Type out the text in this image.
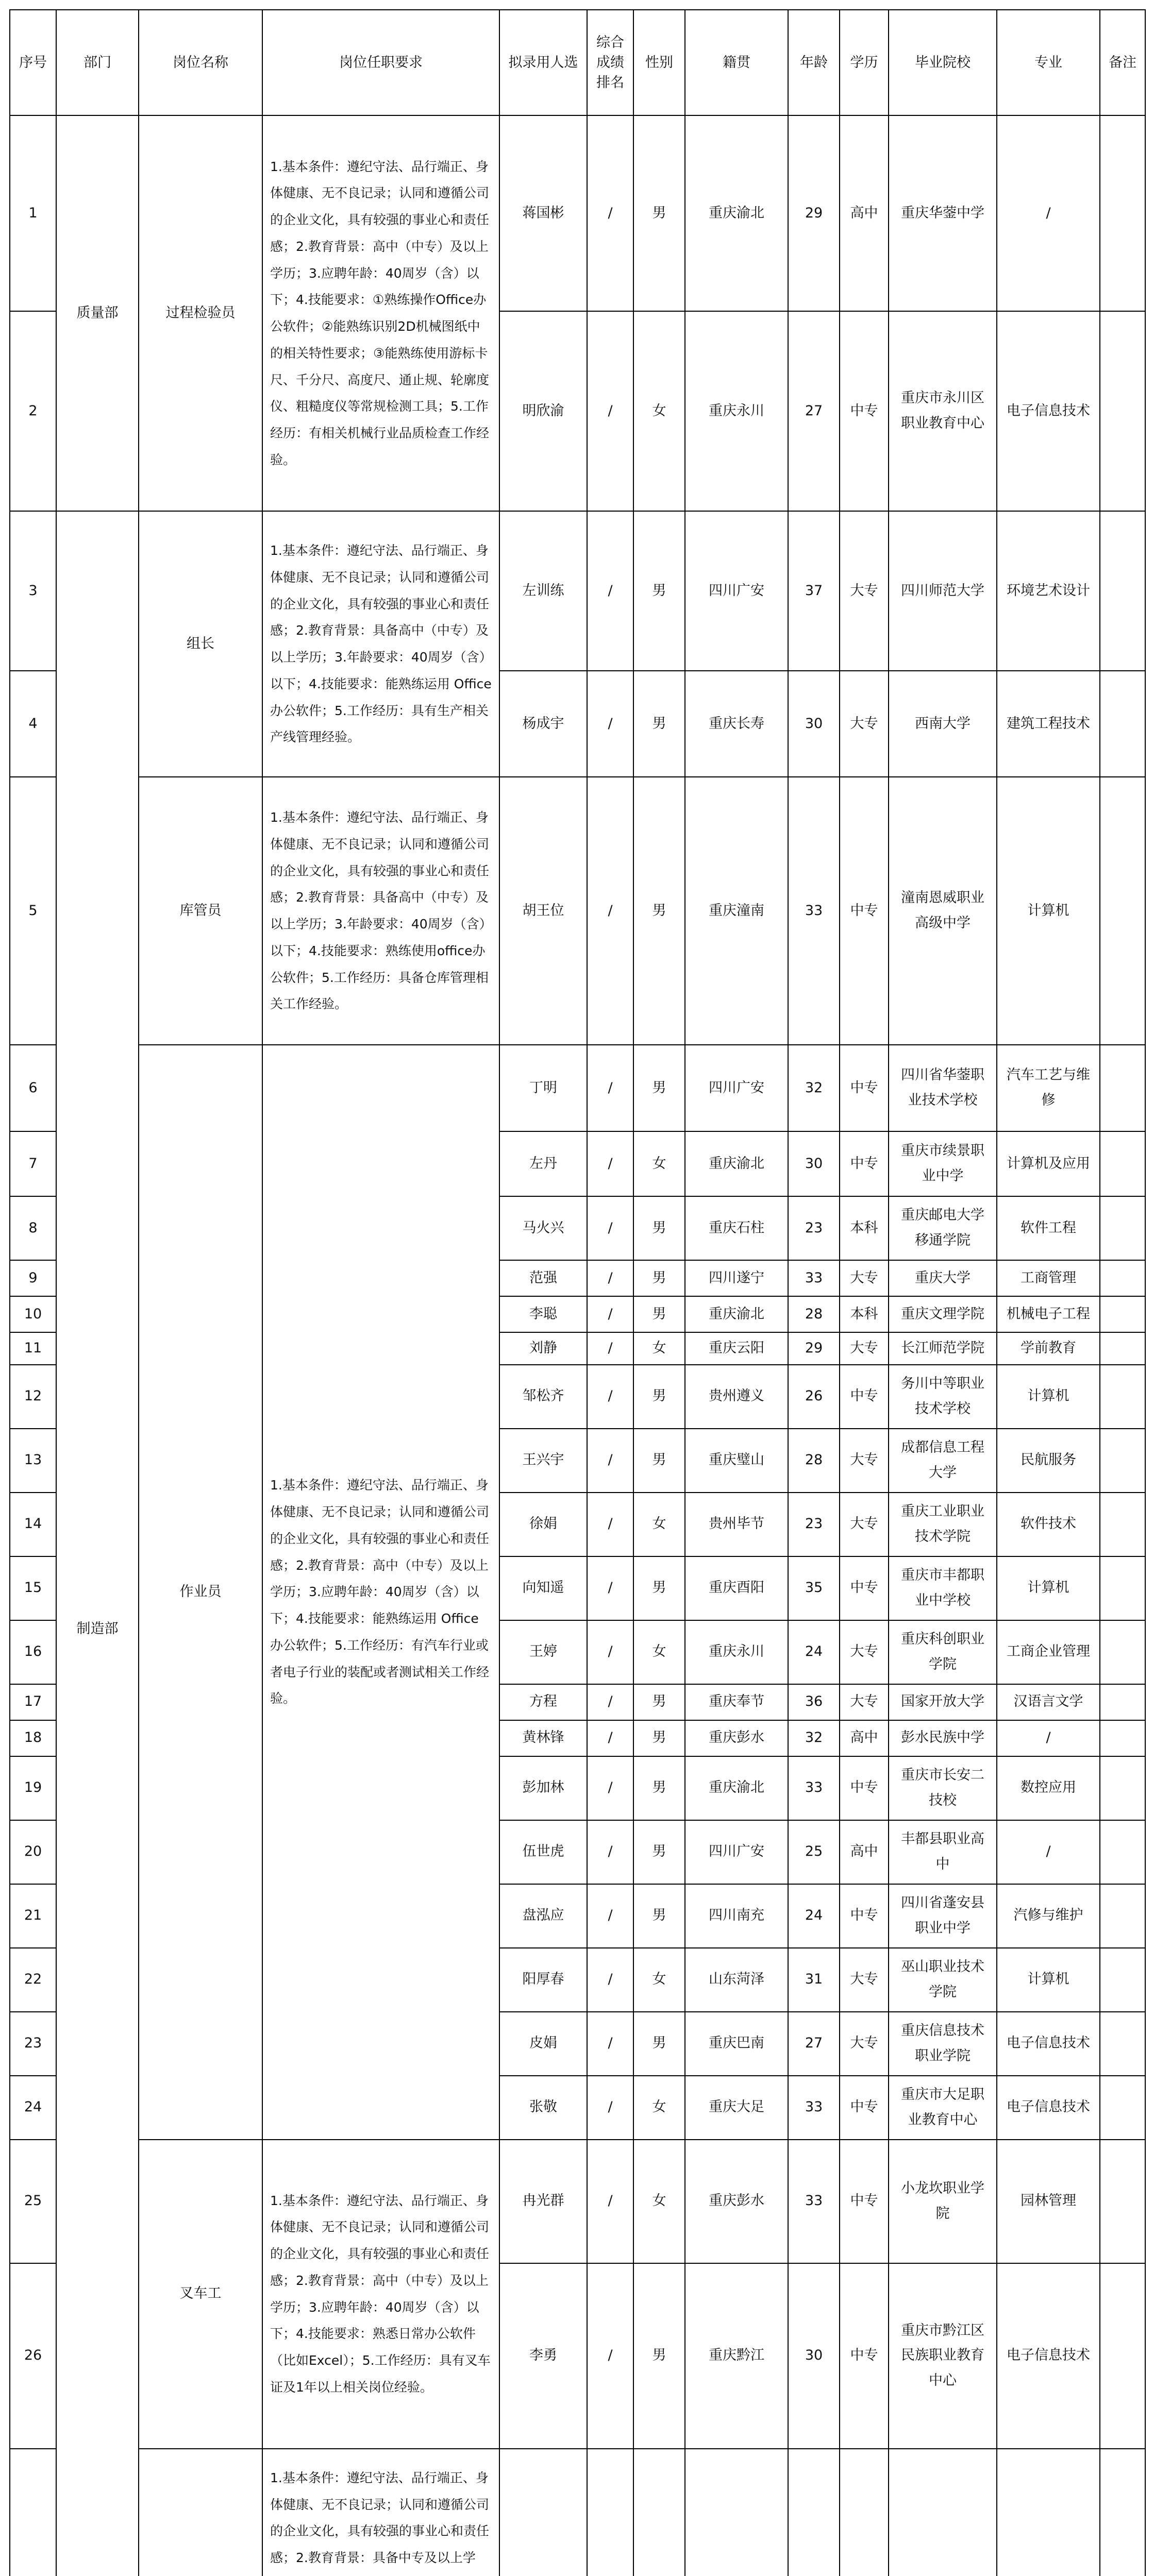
序号	部门	岗位名称	岗位任职要求	拟录用人选	综合成绩排名	性别	籍贯	年龄	学历	毕业院校	专业	备注
1	质量部	过程检验员	1.基本条件：遵纪守法、品行端正、身体健康、无不良记录；认同和遵循公司的企业文化，具有较强的事业心和责任感；2.教育背景：高中（中专）及以上学历；3.应聘年龄：40周岁（含）以下；4.技能要求：①熟练操作Office办公软件；②能熟练识别2D机械图纸中的相关特性要求；③能熟练使用游标卡尺、千分尺、高度尺、通止规、轮廓度仪、粗糙度仪等常规检测工具；5.工作经历：有相关机械行业品质检查工作经验。	蒋国彬	/	男	重庆渝北	29	高中	重庆华蓥中学	/	
2				明欣渝	/	女	重庆永川	27	中专	重庆市永川区职业教育中心	电子信息技术	
3	制造部	组长	1.基本条件：遵纪守法、品行端正、身体健康、无不良记录；认同和遵循公司的企业文化，具有较强的事业心和责任感；2.教育背景：具备高中（中专）及以上学历；3.年龄要求：40周岁（含）以下；4.技能要求：能熟练运用 Office 办公软件；5.工作经历：具有生产相关产线管理经验。	左训练	/	男	四川广安	37	大专	四川师范大学	环境艺术设计	
4				杨成宇	/	男	重庆长寿	30	大专	西南大学	建筑工程技术	
5		库管员	1.基本条件：遵纪守法、品行端正、身体健康、无不良记录；认同和遵循公司的企业文化，具有较强的事业心和责任感；2.教育背景：具备高中（中专）及以上学历；3.年龄要求：40周岁（含）以下；4.技能要求：熟练使用office办公软件；5.工作经历：具备仓库管理相关工作经验。	胡王位	/	男	重庆潼南	33	中专	潼南恩威职业高级中学	计算机	
6		作业员	1.基本条件：遵纪守法、品行端正、身体健康、无不良记录；认同和遵循公司的企业文化，具有较强的事业心和责任感；2.教育背景：高中（中专）及以上学历；3.应聘年龄：40周岁（含）以下；4.技能要求：能熟练运用 Office 办公软件；5.工作经历：有汽车行业或者电子行业的装配或者测试相关工作经验。	丁明	/	男	四川广安	32	中专	四川省华蓥职业技术学校	汽车工艺与维修	
7				左丹	/	女	重庆渝北	30	中专	重庆市续景职业中学	计算机及应用	
8				马火兴	/	男	重庆石柱	23	本科	重庆邮电大学移通学院	软件工程	
9				范强	/	男	四川遂宁	33	大专	重庆大学	工商管理	
10				李聪	/	男	重庆渝北	28	本科	重庆文理学院	机械电子工程	
11				刘静	/	女	重庆云阳	29	大专	长江师范学院	学前教育	
12				邹松齐	/	男	贵州遵义	26	中专	务川中等职业技术学校	计算机	
13				王兴宇	/	男	重庆璧山	28	大专	成都信息工程大学	民航服务	
14				徐娟	/	女	贵州毕节	23	大专	重庆工业职业技术学院	软件技术	
15				向知遥	/	男	重庆酉阳	35	中专	重庆市丰都职业中学校	计算机	
16				王婷	/	女	重庆永川	24	大专	重庆科创职业学院	工商企业管理	
17				方程	/	男	重庆奉节	36	大专	国家开放大学	汉语言文学	
18				黄林锋	/	男	重庆彭水	32	高中	彭水民族中学	/	
19				彭加林	/	男	重庆渝北	33	中专	重庆市长安二技校	数控应用	
20				伍世虎	/	男	四川广安	25	高中	丰都县职业高中	/	
21				盘泓应	/	男	四川南充	24	中专	四川省蓬安县职业中学	汽修与维护	
22				阳厚春	/	女	山东菏泽	31	大专	巫山职业技术学院	计算机	
23				皮娟	/	男	重庆巴南	27	大专	重庆信息技术职业学院	电子信息技术	
24				张敬	/	女	重庆大足	33	中专	重庆市大足职业教育中心	电子信息技术	
25		叉车工	1.基本条件：遵纪守法、品行端正、身体健康、无不良记录；认同和遵循公司的企业文化，具有较强的事业心和责任感；2.教育背景：高中（中专）及以上学历；3.应聘年龄：40周岁（含）以下；4.技能要求：熟悉日常办公软件（比如Excel）；5.工作经历：具有叉车证及1年以上相关岗位经验。	冉光群	/	女	重庆彭水	33	中专	小龙坎职业学院	园林管理	
26				李勇	/	男	重庆黔江	30	中专	重庆市黔江区民族职业教育中心	电子信息技术	
		1.基本条件：遵纪守法、品行端正、身体健康、无不良记录；认同和遵循公司的企业文化，具有较强的事业心和责任感；2.教育背景：具备中专及以上学									
